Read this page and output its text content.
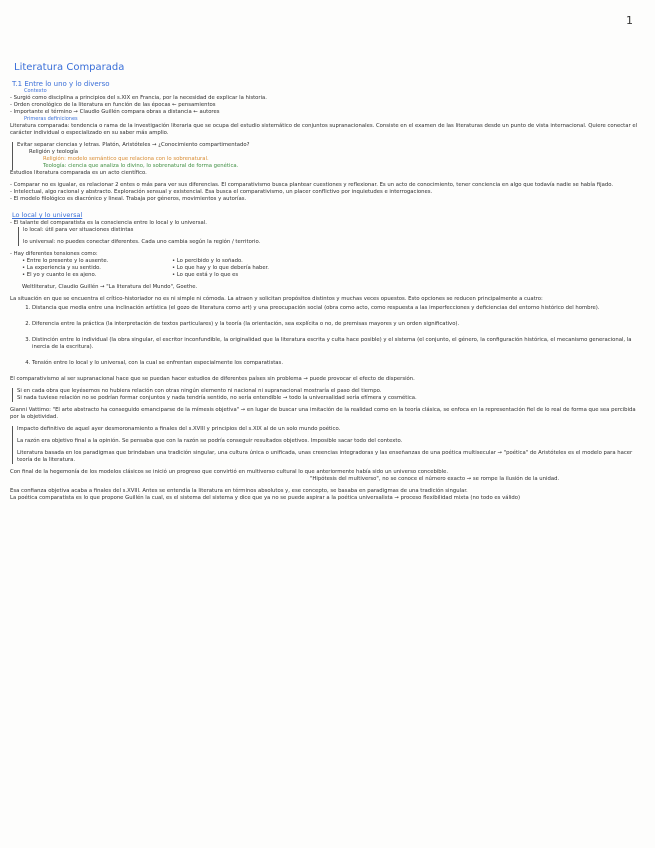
1
Literatura Comparada
T.1 Entre lo uno y lo diverso
Contexto

- Surgió como disciplina a principios del s.XIX en Francia, por la necesidad de explicar la historia.

- Orden cronológico de la literatura en función de las épocas ← pensamientos

- Importante el término → Claudio Guillén compara obras a distancia ← autores

Primeras definiciones

Literatura comparada: tendencia o rama de la investigación literaria que se ocupa del estudio sistemático de conjuntos supranacionales. Consiste en el examen de las literaturas desde un punto de vista internacional. Quiere conectar el carácter individual o especializado en su saber más amplio.

Evitar separar ciencias y letras. Platón, Aristóteles → ¿Conocimiento compartimentado?

Religión y teología

Religión: modelo semántico que relaciona con lo sobrenatural.

Teología: ciencia que analiza lo divino, lo sobrenatural de forma genética.

Estudios literatura comparada es un acto científico.

- Comparar no es igualar, es relacionar 2 entes o más para ver sus diferencias. El comparativismo busca plantear cuestiones y reflexionar. Es un acto de conocimiento, tener conciencia en algo que todavía nadie se había fijado.

- Intelectual, algo racional y abstracto. Exploración sensual y existencial. Esa busca el comparativismo, un placer conflictivo por inquietudes e interrogaciones.

- El modelo filológico es diacrónico y lineal. Trabaja por géneros, movimientos y autorías.

Lo local y lo universal

- El talante del comparatista es la consciencia entre lo local y lo universal.

lo local: útil para ver situaciones distintas

lo universal: no puedes conectar diferentes. Cada uno cambia según la región / territorio.

- Hay diferentes tensiones como:

• Entre lo presente y lo ausente.

• La experiencia y su sentido.

• El yo y cuanto le es ajeno.

• Lo percibido y lo soñado.

• Lo que hay y lo que debería haber.

• Lo que está y lo que es

Weltliteratur, Claudio Guillén → "La literatura del Mundo", Goethe.

La situación en que se encuentra el crítico-historiador no es ni simple ni cómoda. La atraen y solicitan propósitos distintos y muchas veces opuestos. Esto opciones se reducen principalmente a cuatro:

1. Distancia que media entre una inclinación artística (el gozo de literatura como art) y una preocupación social (obra como acto, como respuesta a las imperfecciones y deficiencias del entorno histórico del hombre).
2. Diferencia entre la práctica (la interpretación de textos particulares) y la teoría (la orientación, sea explícita o no, de premisas mayores y un orden significativo).
3. Distinción entre lo individual (la obra singular, el escritor inconfundible, la originalidad que la literatura escrita y culta hace posible) y el sistema (el conjunto, el género, la configuración histórica, el mecanismo generacional, la inercia de la escritura).
4. Tensión entre lo local y lo universal, con la cual se enfrentan especialmente los comparatistas.

El comparativismo al ser supranacional hace que se puedan hacer estudios de diferentes países sin problema → puede provocar el efecto de dispersión.

Si en cada obra que leyésemos no hubiera relación con otras ningún elemento ni nacional ni supranacional mostraría el paso del tiempo.

Si nada tuviese relación no se podrían formar conjuntos y nada tendría sentido, no sería entendible → todo la universalidad sería efímera y cosmética.

Gianni Vattimo: "El arte abstracto ha conseguido emanciparse de la mímesis objetiva" → en lugar de buscar una imitación de la realidad como en la teoría clásica, se enfoca en la representación fiel de lo real de forma que sea percibida por la objetividad.

Impacto definitivo de aquel ayer desmoronamiento a finales del s.XVIII y principios del s.XIX al de un solo mundo poético.

La razón era objetivo final a la opinión. Se pensaba que con la razón se podría conseguir resultados objetivos. Imposible sacar todo del contexto.

Literatura basada en los paradigmas que brindaban una tradición singular, una cultura única o unificada, unas creencias integradoras y las enseñanzas de una poética multisecular → "poética" de Aristóteles es el modelo para hacer teoría de la literatura.

Con final de la hegemonía de los modelos clásicos se inició un progreso que convirtió en multiverso cultural lo que anteriormente había sido un universo concebible.

"Hipótesis del multiverso", no se conoce el número exacto → se rompe la ilusión de la unidad.

Esa confianza objetiva acaba a finales del s.XVIII. Antes se entendía la literatura en términos absolutos y, ese concepto, se basaba en paradigmas de una tradición singular.

La poética comparatista es lo que propone Guillén la cual, es el sistema del sistema y dice que ya no se puede aspirar a la poética universalista → proceso flexibilidad mixta (no todo es válido)
